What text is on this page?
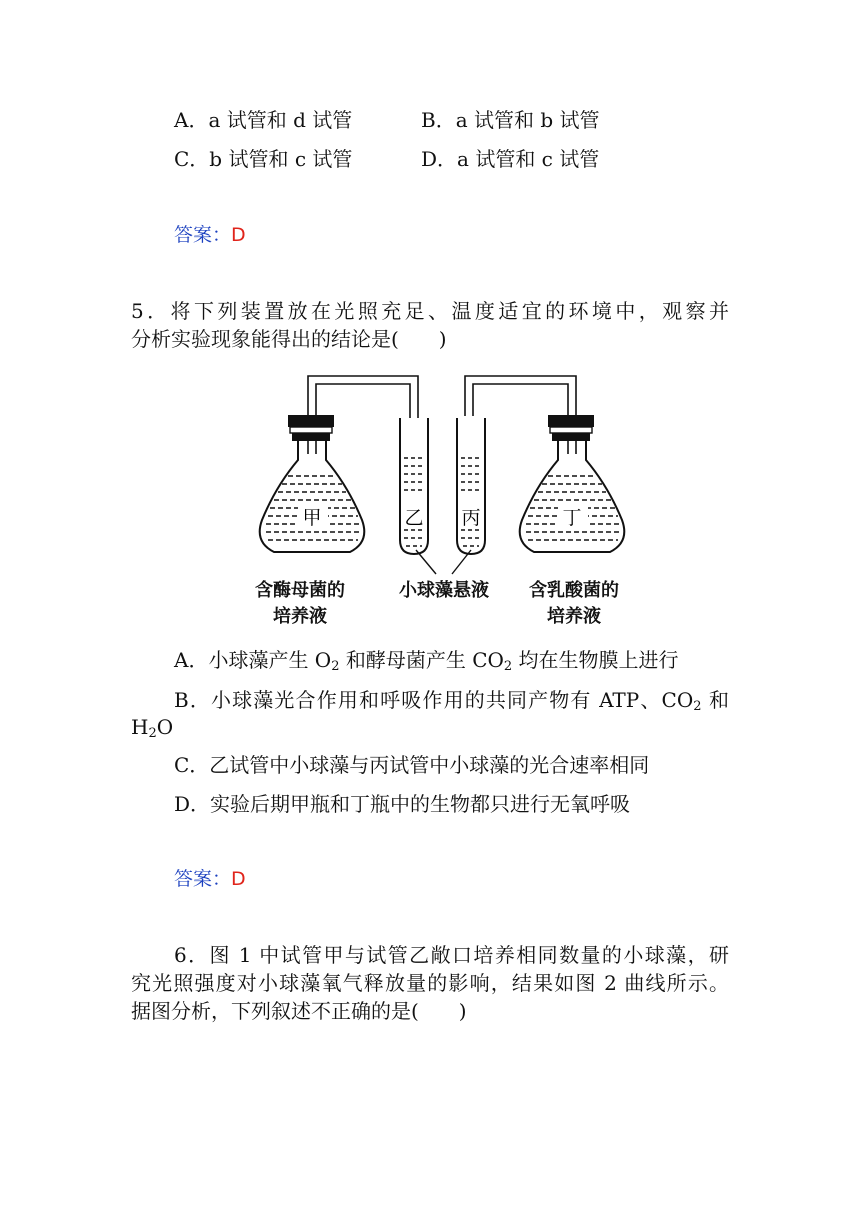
A．a 试管和 d 试管	B．a 试管和 b 试管
C．b 试管和 c 试管	D．a 试管和 c 试管
答案：D
5．将下列装置放在光照充足、温度适宜的环境中，观察并
分析实验现象能得出的结论是(　　)
甲	乙 丙	丁
含酶母菌的
培养液
小球藻悬液 含乳酸菌的
培养液
A．小球藻产生 $O_2$ 和酵母菌产生 $CO_2$ 均在生物膜上进行
B．小球藻光合作用和呼吸作用的共同产物有 ATP、$CO_2$ 和
$H_2O$
C．乙试管中小球藻与丙试管中小球藻的光合速率相同
D．实验后期甲瓶和丁瓶中的生物都只进行无氧呼吸
答案：D
6．图 1 中试管甲与试管乙敞口培养相同数量的小球藻，研
究光照强度对小球藻氧气释放量的影响，结果如图 2 曲线所示。
据图分析，下列叙述不正确的是(　　)
